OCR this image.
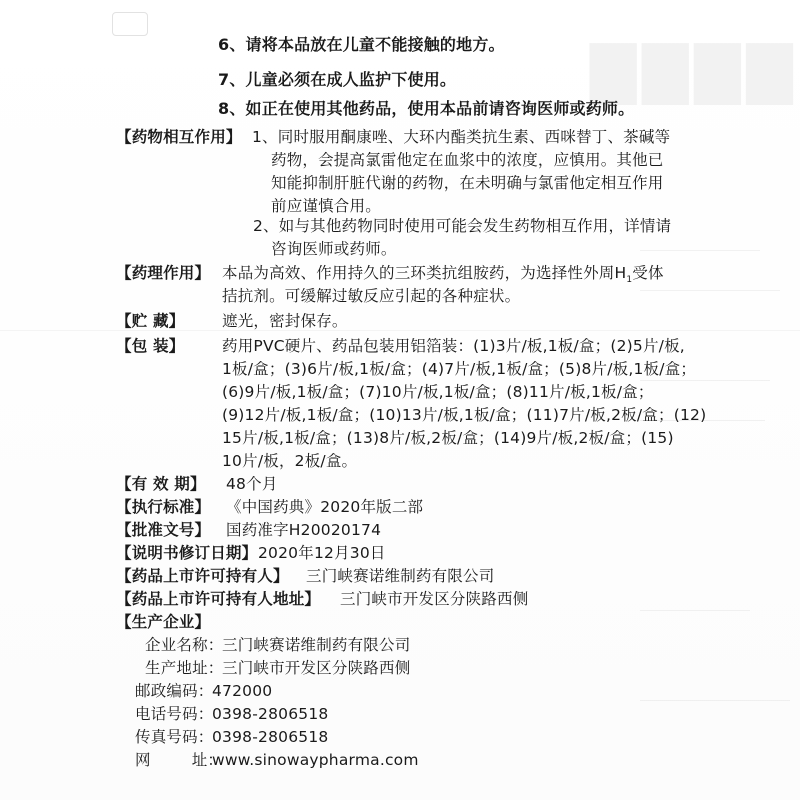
▇▇▇▇
6、请将本品放在儿童不能接触的地方。
7、儿童必须在成人监护下使用。
8、如正在使用其他药品，使用本品前请咨询医师或药师。
【药物相互作用】 1、同时服用酮康唑、大环内酯类抗生素、西咪替丁、茶碱等
药物，会提高氯雷他定在血浆中的浓度，应慎用。其他已
知能抑制肝脏代谢的药物，在未明确与氯雷他定相互作用
前应谨慎合用。
2、如与其他药物同时使用可能会发生药物相互作用，详情请
咨询医师或药师。
【药理作用】 本品为高效、作用持久的三环类抗组胺药，为选择性外周$H_1$受体
拮抗剂。可缓解过敏反应引起的各种症状。
【贮 藏】 遮光，密封保存。
【包 装】 药用PVC硬片、药品包装用铝箔装：(1)3片/板,1板/盒；(2)5片/板,
1板/盒；(3)6片/板,1板/盒；(4)7片/板,1板/盒；(5)8片/板,1板/盒；
(6)9片/板,1板/盒；(7)10片/板,1板/盒；(8)11片/板,1板/盒；
(9)12片/板,1板/盒；(10)13片/板,1板/盒；(11)7片/板,2板/盒；(12)
15片/板,1板/盒；(13)8片/板,2板/盒；(14)9片/板,2板/盒；(15)
10片/板，2板/盒。
【有 效 期】 48个月
【执行标准】 《中国药典》2020年版二部
【批准文号】 国药准字H20020174
【说明书修订日期】 2020年12月30日
【药品上市许可持有人】 三门峡赛诺维制药有限公司
【药品上市许可持有人地址】 三门峡市开发区分陕路西侧
【生产企业】
企业名称：
三门峡赛诺维制药有限公司
生产地址：
三门峡市开发区分陕路西侧
邮政编码：
472000
电话号码：
0398-2806518
传真号码：
0398-2806518
网        址：
www.sinowaypharma.com
